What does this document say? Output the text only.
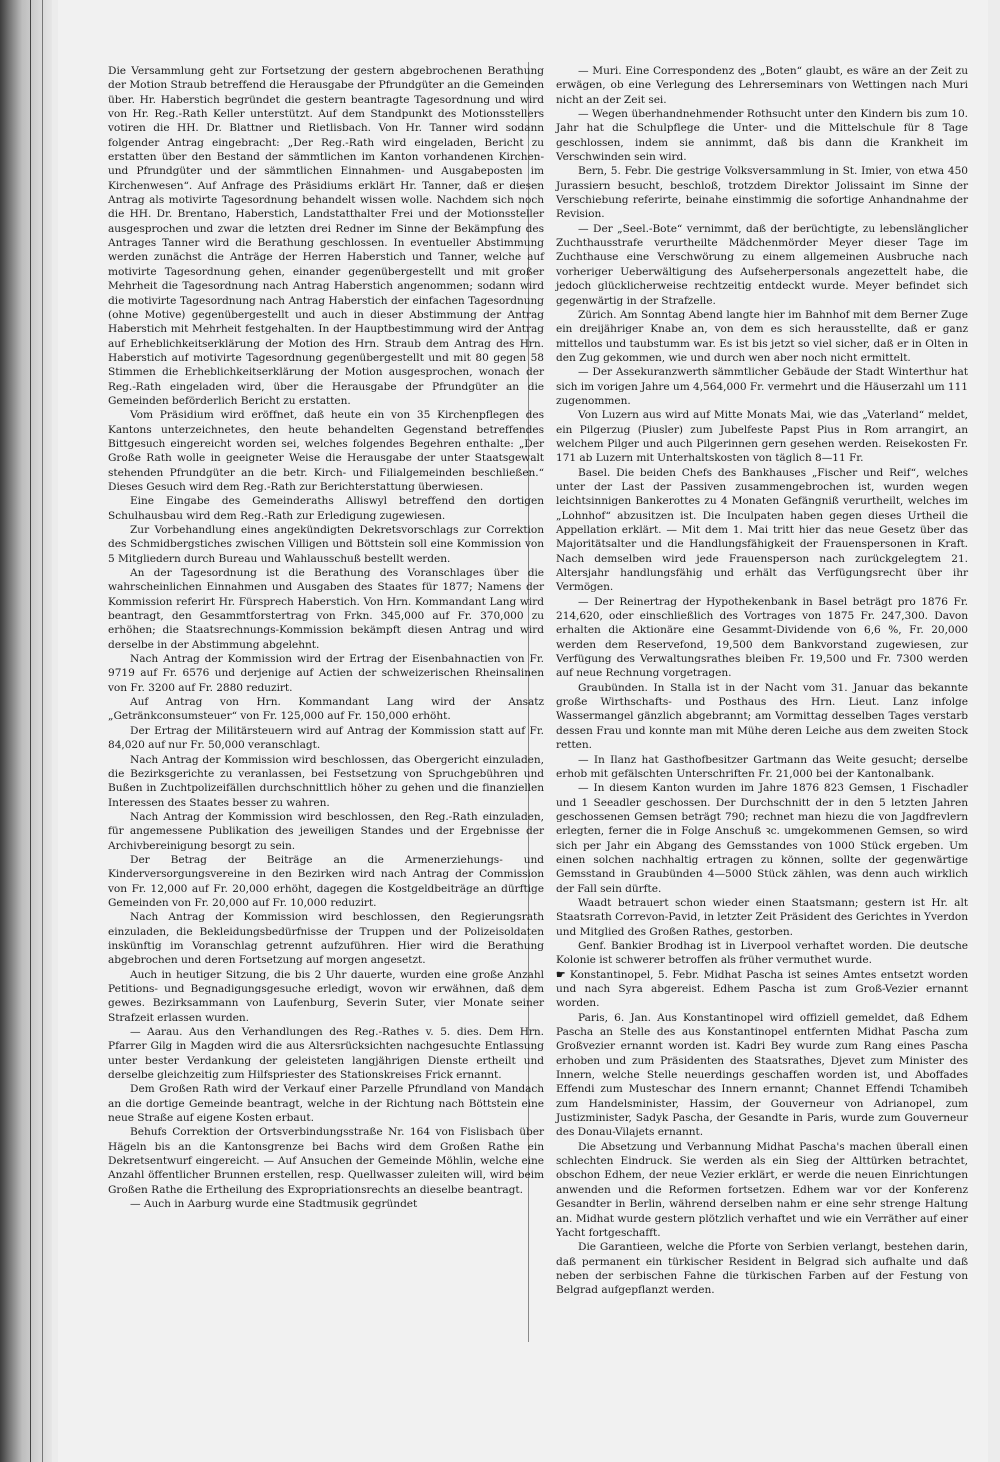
Die Versammlung geht zur Fortsetzung der gestern abgebrochenen Berathung der Motion Straub betreffend die Herausgabe der Pfrundgüter an die Gemeinden über. Hr. Haberstich begründet die gestern beantragte Tagesordnung und wird von Hr. Reg.-Rath Keller unterstützt. Auf dem Standpunkt des Motionsstellers votiren die HH. Dr. Blattner und Rietlisbach. Von Hr. Tanner wird sodann folgender Antrag eingebracht: „Der Reg.-Rath wird eingeladen, Bericht zu erstatten über den Bestand der sämmtlichen im Kanton vorhandenen Kirchen- und Pfrundgüter und der sämmtlichen Einnahmen- und Ausgabeposten im Kirchenwesen“. Auf Anfrage des Präsidiums erklärt Hr. Tanner, daß er diesen Antrag als motivirte Tagesordnung behandelt wissen wolle. Nachdem sich noch die HH. Dr. Brentano, Haberstich, Landstatthalter Frei und der Motionssteller ausgesprochen und zwar die letzten drei Redner im Sinne der Bekämpfung des Antrages Tanner wird die Berathung geschlossen. In eventueller Abstimmung werden zunächst die Anträge der Herren Haberstich und Tanner, welche auf motivirte Tagesordnung gehen, einander gegenübergestellt und mit großer Mehrheit die Tagesordnung nach Antrag Haberstich angenommen; sodann wird die motivirte Tagesordnung nach Antrag Haberstich der einfachen Tagesordnung (ohne Motive) gegenübergestellt und auch in dieser Abstimmung der Antrag Haberstich mit Mehrheit festgehalten. In der Hauptbestimmung wird der Antrag auf Erheblichkeitserklärung der Motion des Hrn. Straub dem Antrag des Hrn. Haberstich auf motivirte Tagesordnung gegenübergestellt und mit 80 gegen 58 Stimmen die Erheblichkeitserklärung der Motion ausgesprochen, wonach der Reg.-Rath eingeladen wird, über die Herausgabe der Pfrundgüter an die Gemeinden beförderlich Bericht zu erstatten.

Vom Präsidium wird eröffnet, daß heute ein von 35 Kirchenpflegen des Kantons unterzeichnetes, den heute behandelten Gegenstand betreffendes Bittgesuch eingereicht worden sei, welches folgendes Begehren enthalte: „Der Große Rath wolle in geeigneter Weise die Herausgabe der unter Staatsgewalt stehenden Pfrundgüter an die betr. Kirch- und Filialgemeinden beschließen.“ Dieses Gesuch wird dem Reg.-Rath zur Berichterstattung überwiesen.

Eine Eingabe des Gemeinderaths Alliswyl betreffend den dortigen Schulhausbau wird dem Reg.-Rath zur Erledigung zugewiesen.

Zur Vorbehandlung eines angekündigten Dekretsvorschlags zur Correktion des Schmidbergstiches zwischen Villigen und Böttstein soll eine Kommission von 5 Mitgliedern durch Bureau und Wahlausschuß bestellt werden.

An der Tagesordnung ist die Berathung des Voranschlages über die wahrscheinlichen Einnahmen und Ausgaben des Staates für 1877; Namens der Kommission referirt Hr. Fürsprech Haberstich. Von Hrn. Kommandant Lang wird beantragt, den Gesammtforstertrag von Frkn. 345,000 auf Fr. 370,000 zu erhöhen; die Staatsrechnungs-Kommission bekämpft diesen Antrag und wird derselbe in der Abstimmung abgelehnt.

Nach Antrag der Kommission wird der Ertrag der Eisenbahnactien von Fr. 9719 auf Fr. 6576 und derjenige auf Actien der schweizerischen Rheinsalinen von Fr. 3200 auf Fr. 2880 reduzirt.

Auf Antrag von Hrn. Kommandant Lang wird der Ansatz „Getränkconsumsteuer“ von Fr. 125,000 auf Fr. 150,000 erhöht.

Der Ertrag der Militärsteuern wird auf Antrag der Kommission statt auf Fr. 84,020 auf nur Fr. 50,000 veranschlagt.

Nach Antrag der Kommission wird beschlossen, das Obergericht einzuladen, die Bezirksgerichte zu veranlassen, bei Festsetzung von Spruchgebühren und Bußen in Zuchtpolizeifällen durchschnittlich höher zu gehen und die finanziellen Interessen des Staates besser zu wahren.

Nach Antrag der Kommission wird beschlossen, den Reg.-Rath einzuladen, für angemessene Publikation des jeweiligen Standes und der Ergebnisse der Archivbereinigung besorgt zu sein.

Der Betrag der Beiträge an die Armenerziehungs- und Kinderversorgungsvereine in den Bezirken wird nach Antrag der Commission von Fr. 12,000 auf Fr. 20,000 erhöht, dagegen die Kostgeldbeiträge an dürftige Gemeinden von Fr. 20,000 auf Fr. 10,000 reduzirt.

Nach Antrag der Kommission wird beschlossen, den Regierungsrath einzuladen, die Bekleidungsbedürfnisse der Truppen und der Polizeisoldaten inskünftig im Voranschlag getrennt aufzuführen. Hier wird die Berathung abgebrochen und deren Fortsetzung auf morgen angesetzt.

Auch in heutiger Sitzung, die bis 2 Uhr dauerte, wurden eine große Anzahl Petitions- und Begnadigungsgesuche erledigt, wovon wir erwähnen, daß dem gewes. Bezirksammann von Laufenburg, Severin Suter, vier Monate seiner Strafzeit erlassen wurden.

— Aarau. Aus den Verhandlungen des Reg.-Rathes v. 5. dies. Dem Hrn. Pfarrer Gilg in Magden wird die aus Altersrücksichten nachgesuchte Entlassung unter bester Verdankung der geleisteten langjährigen Dienste ertheilt und derselbe gleichzeitig zum Hilfspriester des Stationskreises Frick ernannt.

Dem Großen Rath wird der Verkauf einer Parzelle Pfrundland von Mandach an die dortige Gemeinde beantragt, welche in der Richtung nach Böttstein eine neue Straße auf eigene Kosten erbaut.

Behufs Correktion der Ortsverbindungsstraße Nr. 164 von Fislisbach über Hägeln bis an die Kantonsgrenze bei Bachs wird dem Großen Rathe ein Dekretsentwurf eingereicht. — Auf Ansuchen der Gemeinde Möhlin, welche eine Anzahl öffentlicher Brunnen erstellen, resp. Quellwasser zuleiten will, wird beim Großen Rathe die Ertheilung des Expropriationsrechts an dieselbe beantragt.

— Auch in Aarburg wurde eine Stadtmusik gegründet

— Muri. Eine Correspondenz des „Boten“ glaubt, es wäre an der Zeit zu erwägen, ob eine Verlegung des Lehrerseminars von Wettingen nach Muri nicht an der Zeit sei.

— Wegen überhandnehmender Rothsucht unter den Kindern bis zum 10. Jahr hat die Schulpflege die Unter- und die Mittelschule für 8 Tage geschlossen, indem sie annimmt, daß bis dann die Krankheit im Verschwinden sein wird.

Bern, 5. Febr. Die gestrige Volksversammlung in St. Imier, von etwa 450 Jurassiern besucht, beschloß, trotzdem Direktor Jolissaint im Sinne der Verschiebung referirte, beinahe einstimmig die sofortige Anhandnahme der Revision.

— Der „Seel.-Bote“ vernimmt, daß der berüchtigte, zu lebenslänglicher Zuchthausstrafe verurtheilte Mädchenmörder Meyer dieser Tage im Zuchthause eine Verschwörung zu einem allgemeinen Ausbruche nach vorheriger Ueberwältigung des Aufseherpersonals angezettelt habe, die jedoch glücklicherweise rechtzeitig entdeckt wurde. Meyer befindet sich gegenwärtig in der Strafzelle.

Zürich. Am Sonntag Abend langte hier im Bahnhof mit dem Berner Zuge ein dreijähriger Knabe an, von dem es sich herausstellte, daß er ganz mittellos und taubstumm war. Es ist bis jetzt so viel sicher, daß er in Olten in den Zug gekommen, wie und durch wen aber noch nicht ermittelt.

— Der Assekuranzwerth sämmtlicher Gebäude der Stadt Winterthur hat sich im vorigen Jahre um 4,564,000 Fr. vermehrt und die Häuserzahl um 111 zugenommen.

Von Luzern aus wird auf Mitte Monats Mai, wie das „Vaterland“ meldet, ein Pilgerzug (Piusler) zum Jubelfeste Papst Pius in Rom arrangirt, an welchem Pilger und auch Pilgerinnen gern gesehen werden. Reisekosten Fr. 171 ab Luzern mit Unterhaltskosten von täglich 8—11 Fr.

Basel. Die beiden Chefs des Bankhauses „Fischer und Reif“, welches unter der Last der Passiven zusammengebrochen ist, wurden wegen leichtsinnigen Bankerottes zu 4 Monaten Gefängniß verurtheilt, welches im „Lohnhof“ abzusitzen ist. Die Inculpaten haben gegen dieses Urtheil die Appellation erklärt. — Mit dem 1. Mai tritt hier das neue Gesetz über das Majoritätsalter und die Handlungsfähigkeit der Frauenspersonen in Kraft. Nach demselben wird jede Frauensperson nach zurückgelegtem 21. Altersjahr handlungsfähig und erhält das Verfügungsrecht über ihr Vermögen.

— Der Reinertrag der Hypothekenbank in Basel beträgt pro 1876 Fr. 214,620, oder einschließlich des Vortrages von 1875 Fr. 247,300. Davon erhalten die Aktionäre eine Gesammt-Dividende von 6,6 %, Fr. 20,000 werden dem Reservefond, 19,500 dem Bankvorstand zugewiesen, zur Verfügung des Verwaltungsrathes bleiben Fr. 19,500 und Fr. 7300 werden auf neue Rechnung vorgetragen.

Graubünden. In Stalla ist in der Nacht vom 31. Januar das bekannte große Wirthschafts- und Posthaus des Hrn. Lieut. Lanz infolge Wassermangel gänzlich abgebrannt; am Vormittag desselben Tages verstarb dessen Frau und konnte man mit Mühe deren Leiche aus dem zweiten Stock retten.

— In Ilanz hat Gasthofbesitzer Gartmann das Weite gesucht; derselbe erhob mit gefälschten Unterschriften Fr. 21,000 bei der Kantonalbank.

— In diesem Kanton wurden im Jahre 1876 823 Gemsen, 1 Fischadler und 1 Seeadler geschossen. Der Durchschnitt der in den 5 letzten Jahren geschossenen Gemsen beträgt 790; rechnet man hiezu die von Jagdfrevlern erlegten, ferner die in Folge Anschuß ꝛc. umgekommenen Gemsen, so wird sich per Jahr ein Abgang des Gemsstandes von 1000 Stück ergeben. Um einen solchen nachhaltig ertragen zu können, sollte der gegenwärtige Gemsstand in Graubünden 4—5000 Stück zählen, was denn auch wirklich der Fall sein dürfte.

Waadt betrauert schon wieder einen Staatsmann; gestern ist Hr. alt Staatsrath Correvon-Pavid, in letzter Zeit Präsident des Gerichtes in Yverdon und Mitglied des Großen Rathes, gestorben.

Genf. Bankier Brodhag ist in Liverpool verhaftet worden. Die deutsche Kolonie ist schwerer betroffen als früher vermuthet wurde.

☛ Konstantinopel, 5. Febr. Midhat Pascha ist seines Amtes entsetzt worden und nach Syra abgereist. Edhem Pascha ist zum Groß-Vezier ernannt worden.

Paris, 6. Jan. Aus Konstantinopel wird offiziell gemeldet, daß Edhem Pascha an Stelle des aus Konstantinopel entfernten Midhat Pascha zum Großvezier ernannt worden ist. Kadri Bey wurde zum Rang eines Pascha erhoben und zum Präsidenten des Staatsrathes, Djevet zum Minister des Innern, welche Stelle neuerdings geschaffen worden ist, und Aboffades Effendi zum Musteschar des Innern ernannt; Channet Effendi Tchamibeh zum Handelsminister, Hassim, der Gouverneur von Adrianopel, zum Justizminister, Sadyk Pascha, der Gesandte in Paris, wurde zum Gouverneur des Donau-Vilajets ernannt.

Die Absetzung und Verbannung Midhat Pascha's machen überall einen schlechten Eindruck. Sie werden als ein Sieg der Alttürken betrachtet, obschon Edhem, der neue Vezier erklärt, er werde die neuen Einrichtungen anwenden und die Reformen fortsetzen. Edhem war vor der Konferenz Gesandter in Berlin, während derselben nahm er eine sehr strenge Haltung an. Midhat wurde gestern plötzlich verhaftet und wie ein Verräther auf einer Yacht fortgeschafft.

Die Garantieen, welche die Pforte von Serbien verlangt, bestehen darin, daß permanent ein türkischer Resident in Belgrad sich aufhalte und daß neben der serbischen Fahne die türkischen Farben auf der Festung von Belgrad aufgepflanzt werden.
